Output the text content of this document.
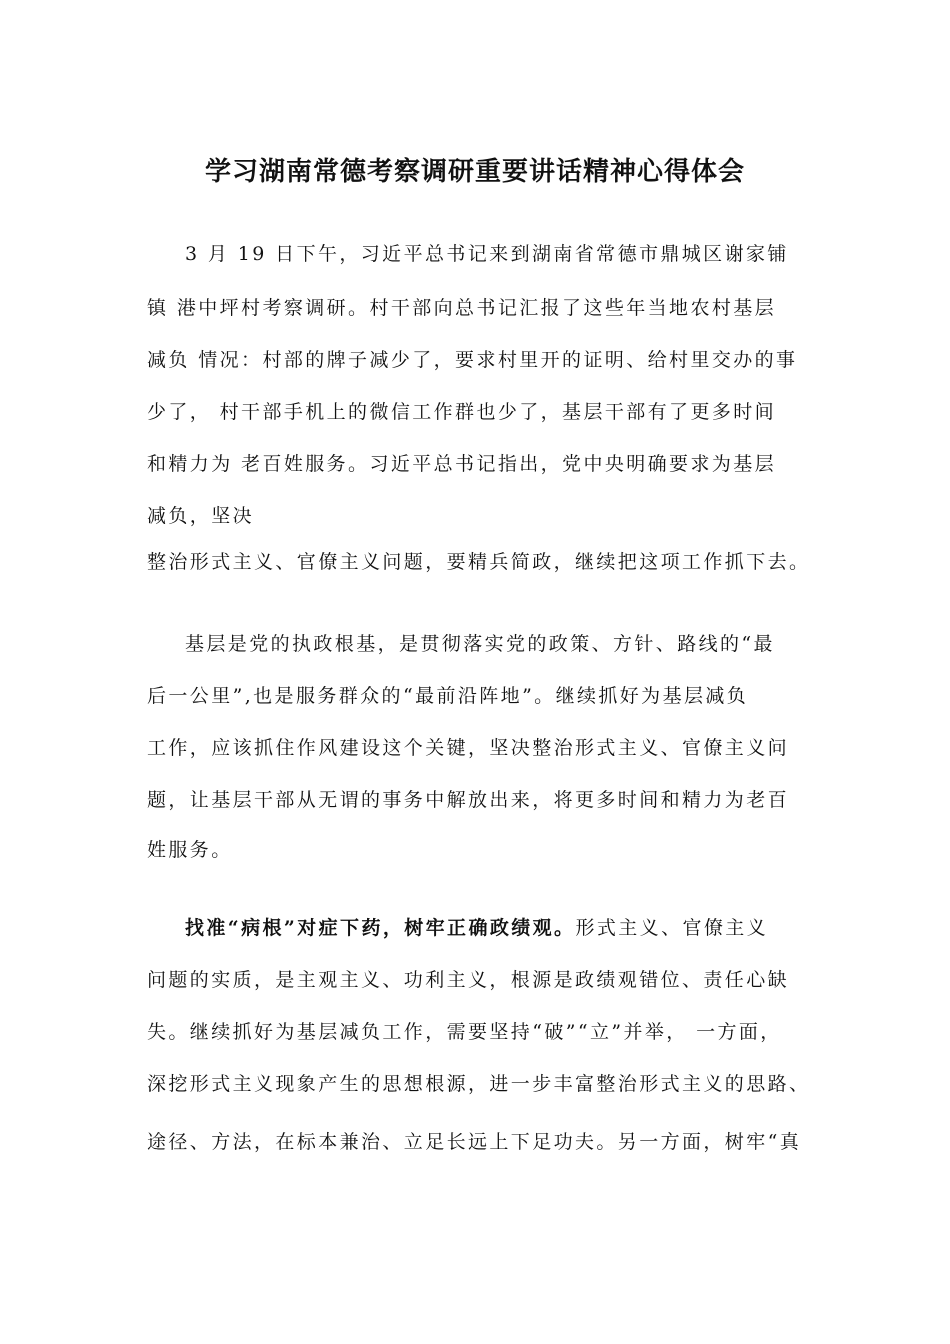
学习湖南常德考察调研重要讲话精神心得体会
3 月 19 日下午，习近平总书记来到湖南省常德市鼎城区谢家铺
镇 港中坪村考察调研。村干部向总书记汇报了这些年当地农村基层
减负 情况：村部的牌子减少了，要求村里开的证明、给村里交办的事
少了， 村干部手机上的微信工作群也少了，基层干部有了更多时间
和精力为 老百姓服务。习近平总书记指出，党中央明确要求为基层
减负，坚决
整治形式主义、官僚主义问题，要精兵简政，继续把这项工作抓下去。
基层是党的执政根基，是贯彻落实党的政策、方针、路线的“最
后一公里”,也是服务群众的“最前沿阵地”。继续抓好为基层减负
工作，应该抓住作风建设这个关键，坚决整治形式主义、官僚主义问
题，让基层干部从无谓的事务中解放出来，将更多时间和精力为老百
姓服务。
找准“病根”对症下药，树牢正确政绩观。形式主义、官僚主义
问题的实质，是主观主义、功利主义，根源是政绩观错位、责任心缺
失。继续抓好为基层减负工作，需要坚持“破”“立”并举， 一方面，
深挖形式主义现象产生的思想根源，进一步丰富整治形式主义的思路、
途径、方法，在标本兼治、立足长远上下足功夫。另一方面，树牢“真
